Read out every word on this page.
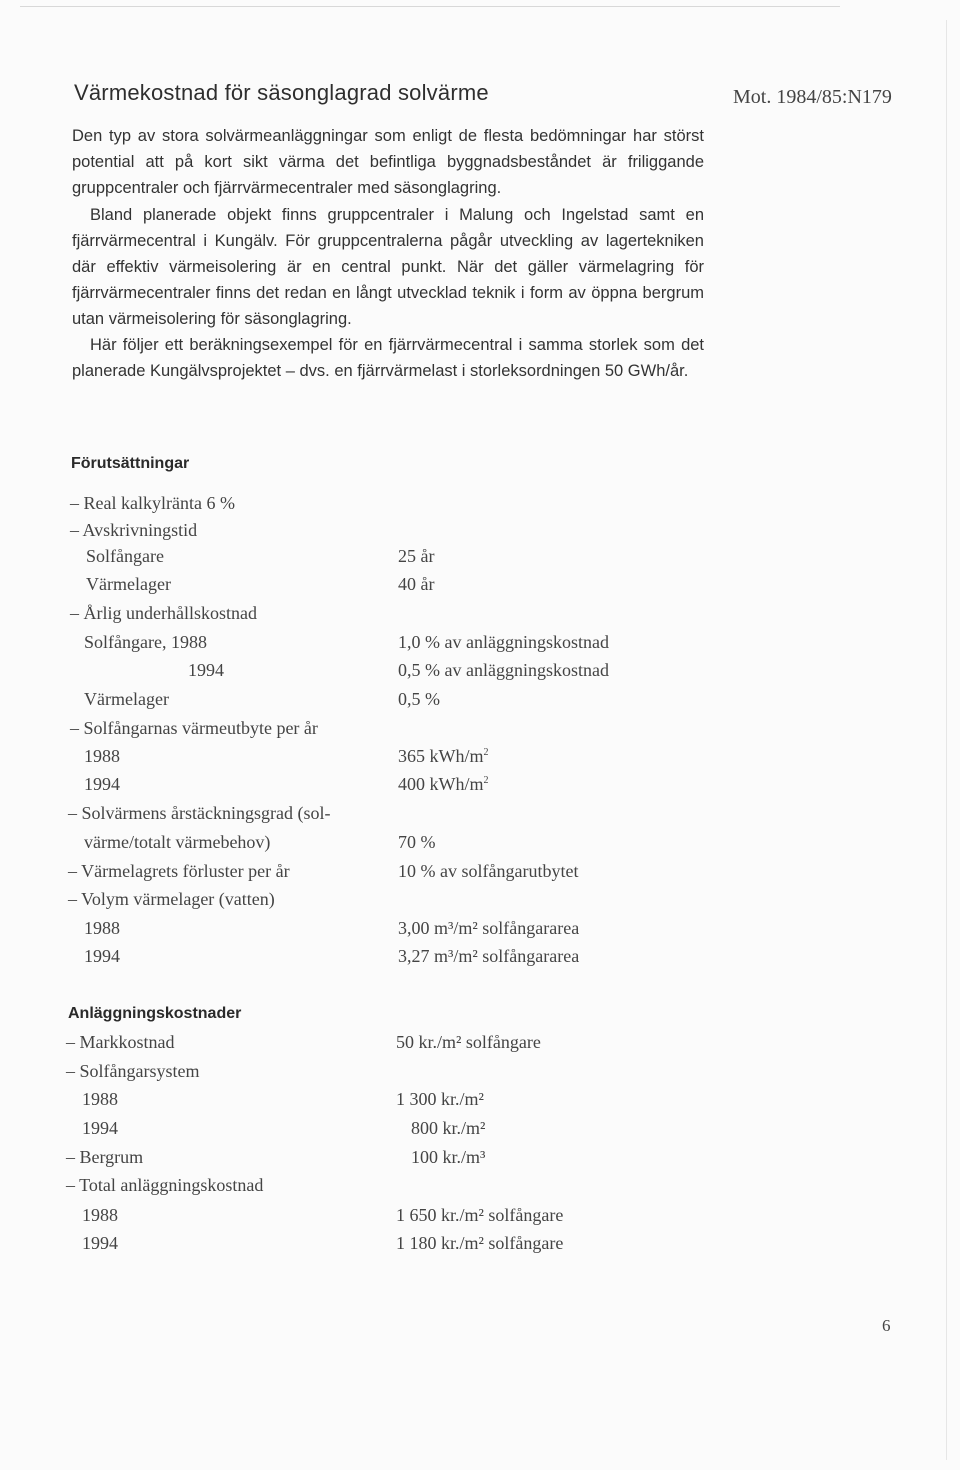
Värmekostnad för säsonglagrad solvärme	Mot. 1984/85:N179

Den typ av stora solvärmeanläggningar som enligt de flesta bedömningar har störst potential att på kort sikt värma det befintliga byggnadsbeståndet är friliggande gruppcentraler och fjärrvärmecentraler med säsonglagring.

Bland planerade objekt finns gruppcentraler i Malung och Ingelstad samt en fjärrvärmecentral i Kungälv. För gruppcentralerna pågår utveckling av lagertekniken där effektiv värmeisolering är en central punkt. När det gäller värmelagring för fjärrvärmecentraler finns det redan en långt utvecklad teknik i form av öppna bergrum utan värmeisolering för säsonglagring.

Här följer ett beräkningsexempel för en fjärrvärmecentral i samma storlek som det planerade Kungälvsprojektet – dvs. en fjärrvärmelast i storleksordningen 50 GWh/år.

Förutsättningar
– Real kalkylränta 6 %
– Avskrivningstid
Solfångare	25 år
Värmelager	40 år
– Årlig underhållskostnad
Solfångare, 1988	1,0 % av anläggningskostnad
1994	0,5 % av anläggningskostnad
Värmelager	0,5 %
– Solfångarnas värmeutbyte per år
1988	365 kWh/$m^2$
1994	400 kWh/$m^2$
– Solvärmens årstäckningsgrad (sol-
värme/totalt värmebehov)	70 %
– Värmelagrets förluster per år	10 % av solfångarutbytet
– Volym värmelager (vatten)
1988	3,00 m³/m² solfångararea
1994	3,27 m³/m² solfångararea
Anläggningskostnader
– Markkostnad	50 kr./m² solfångare
– Solfångarsystem
1988	1 300 kr./m²
1994	800 kr./m²
– Bergrum	100 kr./m³
– Total anläggningskostnad
1988	1 650 kr./m² solfångare
1994	1 180 kr./m² solfångare
6
